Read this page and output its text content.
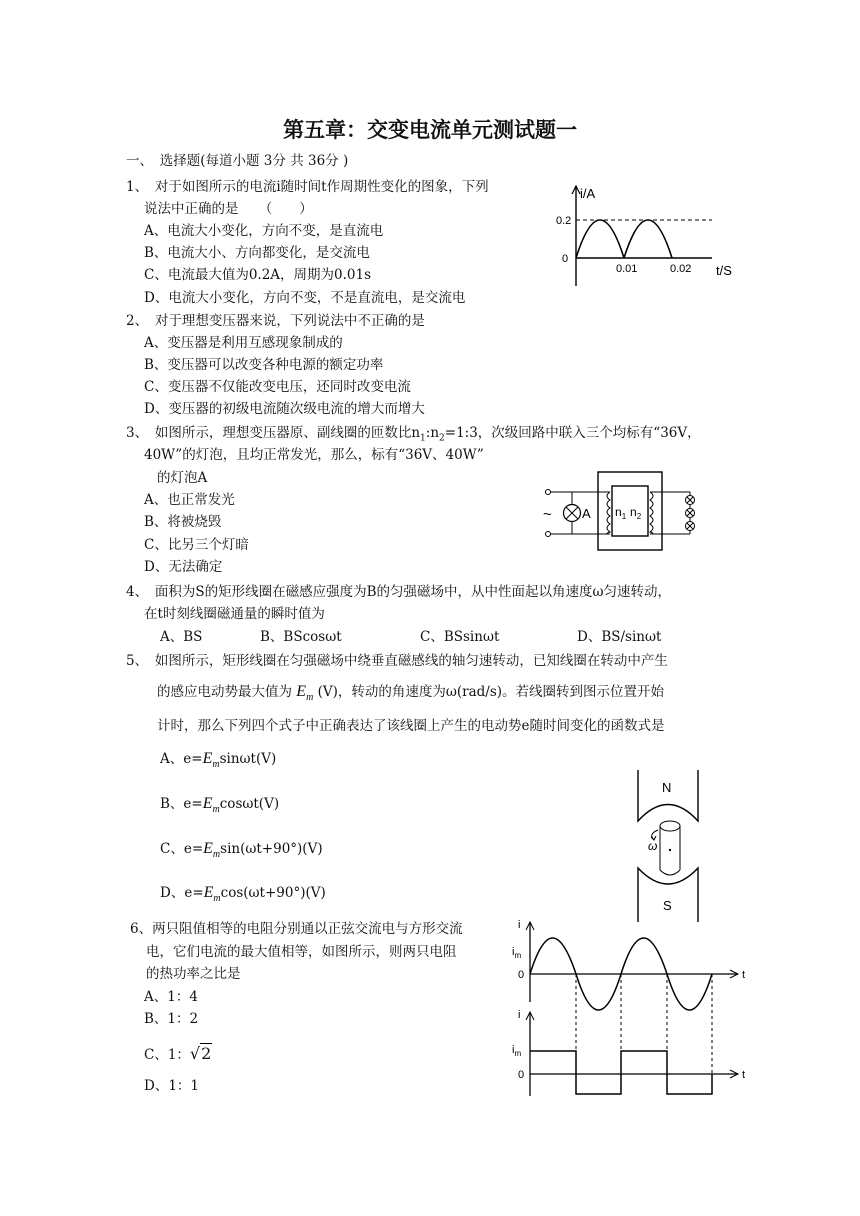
第五章：交变电流单元测试题一
一、　选择题(每道小题 3分 共 36分 )
1、　对于如图所示的电流i随时间t作周期性变化的图象，下列
说法中正确的是　　（　　）
A、电流大小变化，方向不变，是直流电
B、电流大小、方向都变化，是交流电
C、电流最大值为0.2A，周期为0.01s
D、电流大小变化，方向不变，不是直流电，是交流电
i/A
0.2
0
0.01	0.02 t/S
2、　对于理想变压器来说，下列说法中不正确的是
A、变压器是利用互感现象制成的
B、变压器可以改变各种电源的额定功率
C、变压器不仅能改变电压，还同时改变电流
D、变压器的初级电流随次级电流的增大而增大
3、　如图所示，理想变压器原、副线圈的匝数比$n_1:n_2=1:3$，次级回路中联入三个均标有“36V，
40W”的灯泡，且均正常发光，那么，标有“36V、40W”
的灯泡A
A、也正常发光
B、将被烧毁
C、比另三个灯暗
D、无法确定
~ A $n_1$ $n_2$
4、　面积为S的矩形线圈在磁感应强度为B的匀强磁场中，从中性面起以角速度ω匀速转动，
在t时刻线圈磁通量的瞬时值为
A、BS	B、BScosωt	C、BSsinωt	D、BS/sinωt
5、　如图所示，矩形线圈在匀强磁场中绕垂直磁感线的轴匀速转动，已知线圈在转动中产生
的感应电动势最大值为 $E_m$ (V)，转动的角速度为ω(rad/s)。若线圈转到图示位置开始
计时，那么下列四个式子中正确表达了该线圈上产生的电动势e随时间变化的函数式是
A、$e=E_m\sin\omega t(V)$
B、$e=E_m\cos\omega t(V)$
C、$e=E_m\sin(\omega t+90^\circ)(V)$
D、$e=E_m\cos(\omega t+90^\circ)(V)$
N
S
ω
6、两只阻值相等的电阻分别通以正弦交流电与方形交流
电，它们电流的最大值相等，如图所示，则两只电阻
的热功率之比是
A、1：4
B、1：2
C、1：√2
D、1：1
i
$i_m$
0	t
i
$i_m$
0	t
